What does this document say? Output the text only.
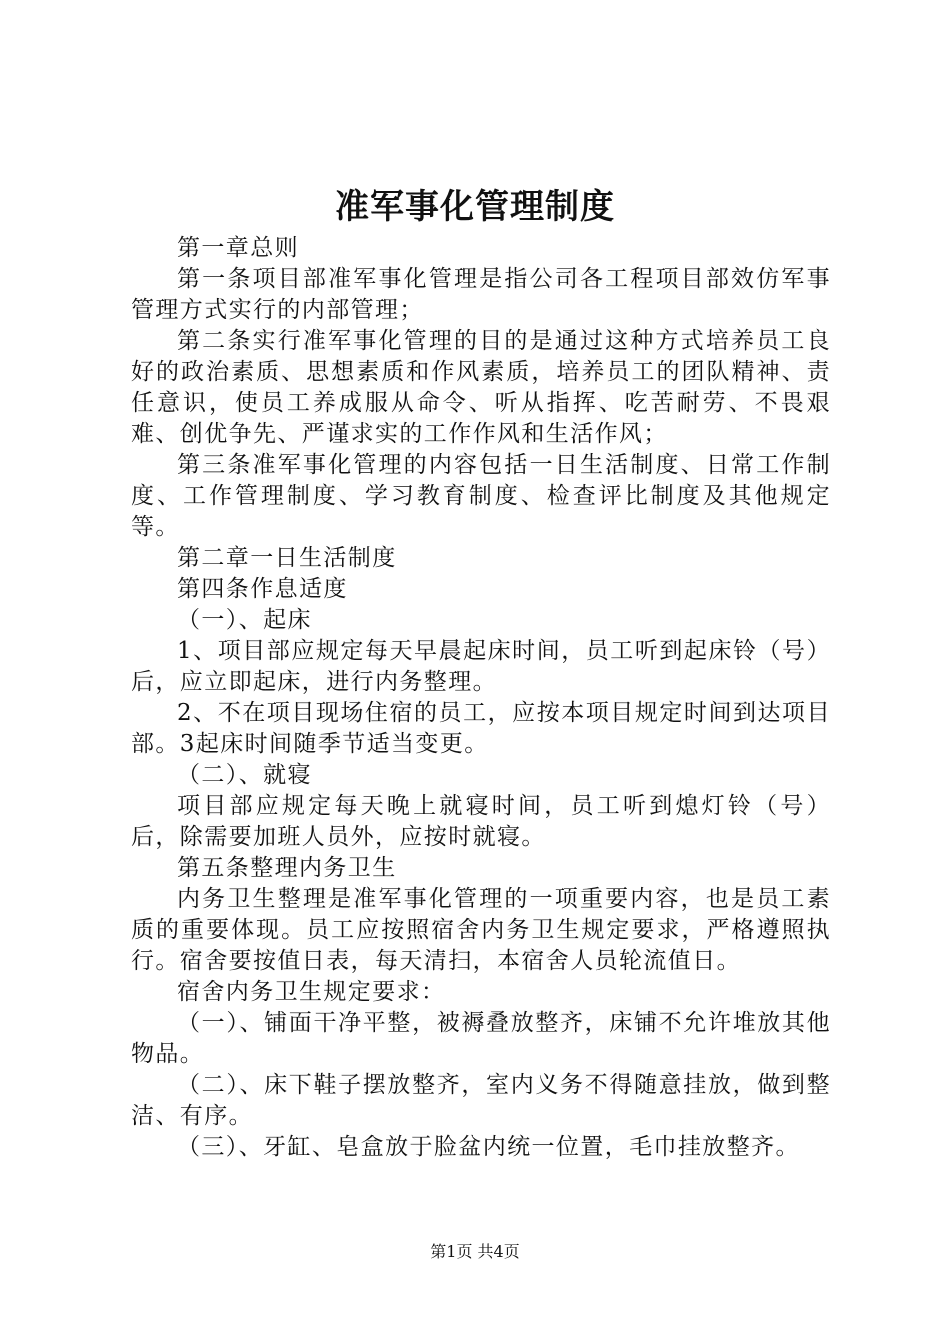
准军事化管理制度

第一章总则

第一条项目部准军事化管理是指公司各工程项目部效仿军事管理方式实行的内部管理；

第二条实行准军事化管理的目的是通过这种方式培养员工良好的政治素质、思想素质和作风素质，培养员工的团队精神、责任意识，使员工养成服从命令、听从指挥、吃苦耐劳、不畏艰难、创优争先、严谨求实的工作作风和生活作风；

第三条准军事化管理的内容包括一日生活制度、日常工作制度、工作管理制度、学习教育制度、检查评比制度及其他规定等。

第二章一日生活制度

第四条作息适度

（一）、起床

1、项目部应规定每天早晨起床时间，员工听到起床铃（号）后，应立即起床，进行内务整理。

2、不在项目现场住宿的员工，应按本项目规定时间到达项目部。3起床时间随季节适当变更。

（二）、就寝

项目部应规定每天晚上就寝时间，员工听到熄灯铃（号）后，除需要加班人员外，应按时就寝。

第五条整理内务卫生

内务卫生整理是准军事化管理的一项重要内容，也是员工素质的重要体现。员工应按照宿舍内务卫生规定要求，严格遵照执行。宿舍要按值日表，每天清扫，本宿舍人员轮流值日。

宿舍内务卫生规定要求：

（一）、铺面干净平整，被褥叠放整齐，床铺不允许堆放其他物品。

（二）、床下鞋子摆放整齐，室内义务不得随意挂放，做到整洁、有序。

（三）、牙缸、皂盒放于脸盆内统一位置，毛巾挂放整齐。

第1页 共4页
